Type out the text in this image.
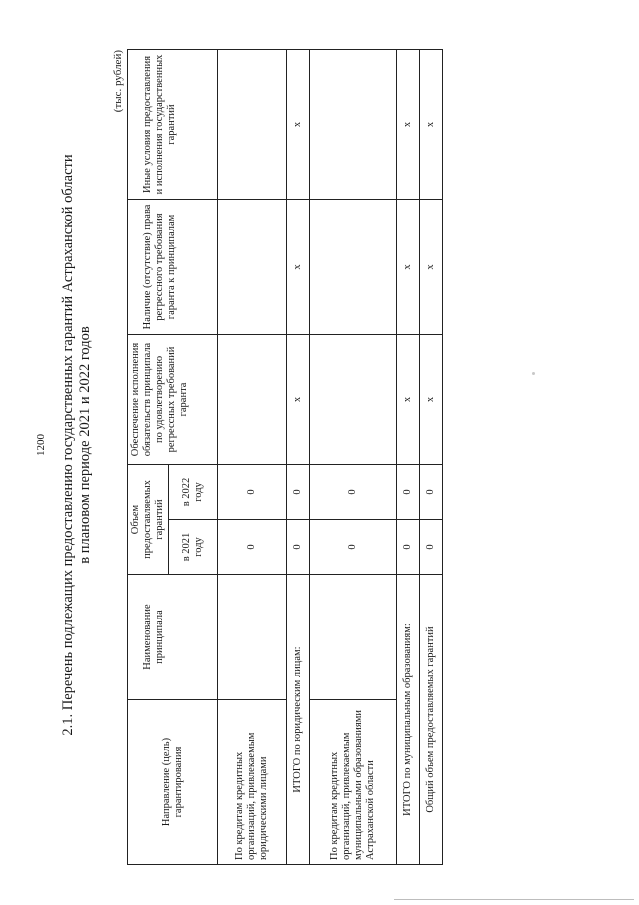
1200 2.1. Перечень подлежащих предоставлению государственных гарантий Астраханской области в плановом периоде 2021 и 2022 годов
(тыс. рублей)
Направление (цель) гарантирования	Наименование принципала	Объем предоставляемых гарантий		Обеспечение исполнения обязательств принципала по удовлетворению регрессных требований гаранта	Наличие (отсутствие) права регрессного требования гаранта к принципалам	Иные условия предоставления и исполнения государственных гарантий
		в 2021 году	в 2022 году			
По кредитам кредитных организаций, привлекаемым юридическими лицами		0	0			
ИТОГО по юридическим лицам:		0	0	х	х	х
По кредитам кредитных организаций, привлекаемым муниципальными образованиями Астраханской области		0	0			
ИТОГО по муниципальным образованиям:		0	0	х	х	х
Общий объем предоставляемых гарантий		0	0	х	х	х
